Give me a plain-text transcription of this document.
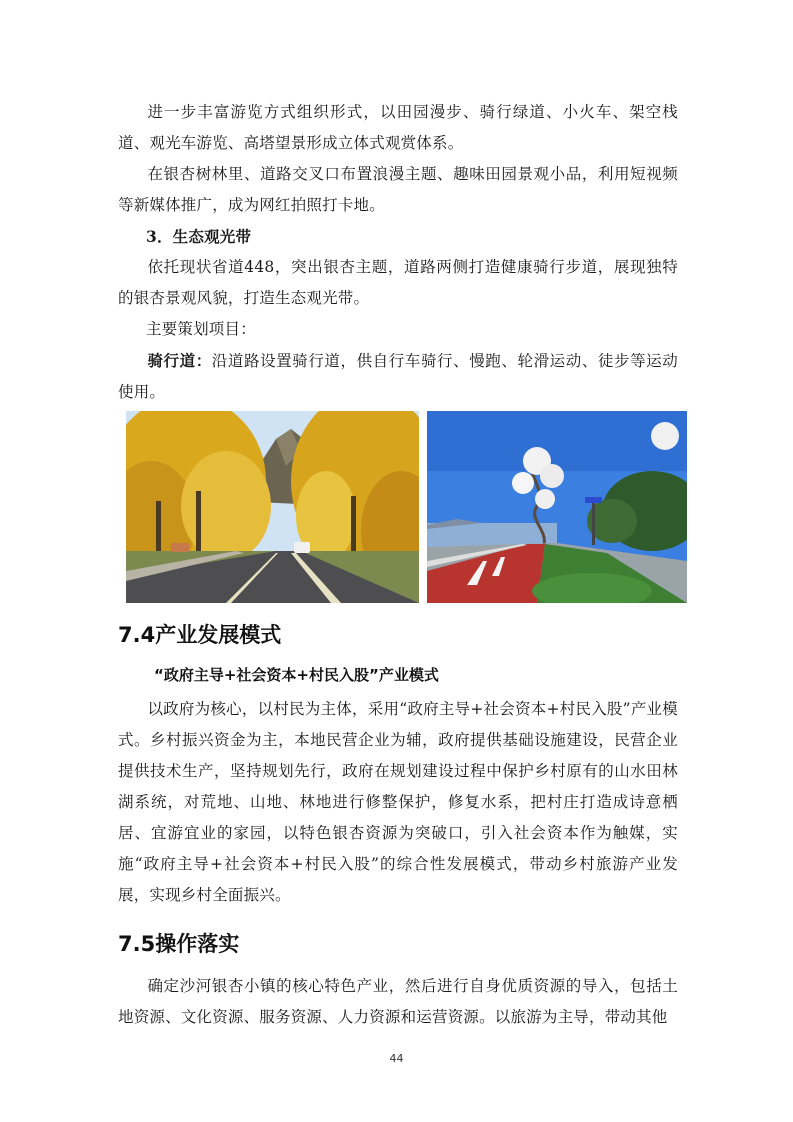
进一步丰富游览方式组织形式，以田园漫步、骑行绿道、小火车、架空栈道、观光车游览、高塔望景形成立体式观赏体系。

在银杏树林里、道路交叉口布置浪漫主题、趣味田园景观小品，利用短视频等新媒体推广，成为网红拍照打卡地。

3．生态观光带

依托现状省道448，突出银杏主题，道路两侧打造健康骑行步道，展现独特的银杏景观风貌，打造生态观光带。

主要策划项目：

骑行道：沿道路设置骑行道，供自行车骑行、慢跑、轮滑运动、徒步等运动使用。

7.4产业发展模式
“政府主导+社会资本+村民入股”产业模式

以政府为核心，以村民为主体，采用“政府主导+社会资本+村民入股”产业模式。乡村振兴资金为主，本地民营企业为辅，政府提供基础设施建设，民营企业提供技术生产，坚持规划先行，政府在规划建设过程中保护乡村原有的山水田林湖系统，对荒地、山地、林地进行修整保护，修复水系，把村庄打造成诗意栖居、宜游宜业的家园，以特色银杏资源为突破口，引入社会资本作为触媒，实施“政府主导+社会资本+村民入股”的综合性发展模式，带动乡村旅游产业发展，实现乡村全面振兴。

7.5操作落实

确定沙河银杏小镇的核心特色产业，然后进行自身优质资源的导入，包括土地资源、文化资源、服务资源、人力资源和运营资源。以旅游为主导，带动其他

44
